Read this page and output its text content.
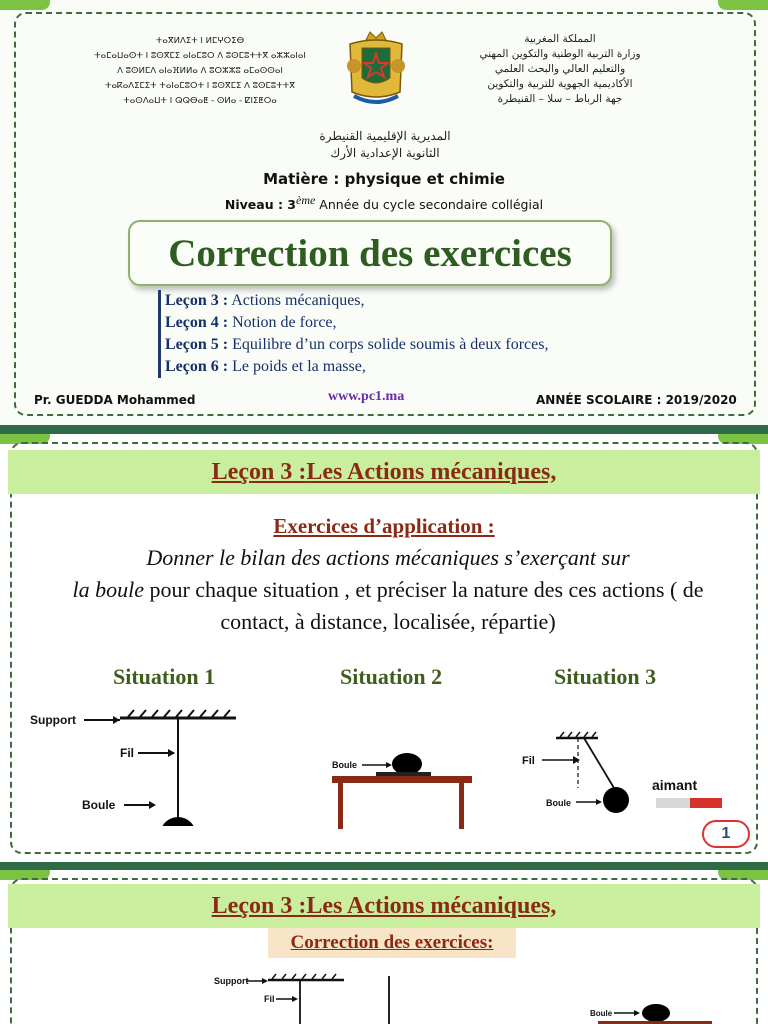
ⵜⴰⴳⵍⴷⵉⵜ ⵏ ⵍⵎⵖⵔⵉⴱ
ⵜⴰⵎⴰⵡⴰⵙⵜ ⵏ ⵓⵙⴳⵎⵉ ⴰⵏⴰⵎⵓⵔ ⴷ ⵓⵙⵎⵓⵜⵜⴳ ⴰⵣⵣⴰⵏⴰⵏ
ⴷ ⵓⵙⵍⵎⴷ ⴰⵏⴰⴼⵍⵍⴰ ⴷ ⵓⵔⵣⵣⵓ ⴰⵎⴰⵙⵙⴰⵏ
ⵜⴰⴽⴰⴷⵉⵎⵉⵜ ⵜⴰⵏⴰⵎⵓⵔⵜ ⵏ ⵓⵙⴳⵎⵉ ⴷ ⵓⵙⵎⵓⵜⵜⴳ
ⵜⴰⵙⴷⴰⵡⵜ ⵏ ⵕⵕⴱⴰⵟ - ⵙⵍⴰ - ⵇⵏⵉⵟⵔⴰ
المملكة المغربية
وزارة التربية الوطنية والتكوين المهني
والتعليم العالي والبحث العلمي
الأكاديمية الجهوية للتربية والتكوين
جهة الرباط – سلا – القنيطرة
المديرية الإقليمية القنيطرة
الثانوية الإعدادية الأرك
Matière : physique et chimie
Niveau : 3ème Année du cycle secondaire collégial
Correction des exercices
Leçon 3 : Actions mécaniques,
Leçon 4 : Notion de force,
Leçon 5 : Equilibre d’un corps solide soumis à deux forces,
Leçon 6 : Le poids et la masse,
Pr. GUEDDA Mohammed	www.pc1.ma	ANNÉE SCOLAIRE : 2019/2020
Leçon 3 : Les Actions mécaniques,
Exercices d’application :
Donner le bilan des actions mécaniques s’exerçant sur
la boule pour chaque situation , et préciser la nature des ces actions ( de contact, à distance, localisée, répartie)
Situation 1	Situation 2	Situation 3
Support
Fil
Boule
Boule	Fil
Boule
aimant
1
Leçon 3 : Les Actions mécaniques,
Correction des exercices:
Support
Fil
Boule
